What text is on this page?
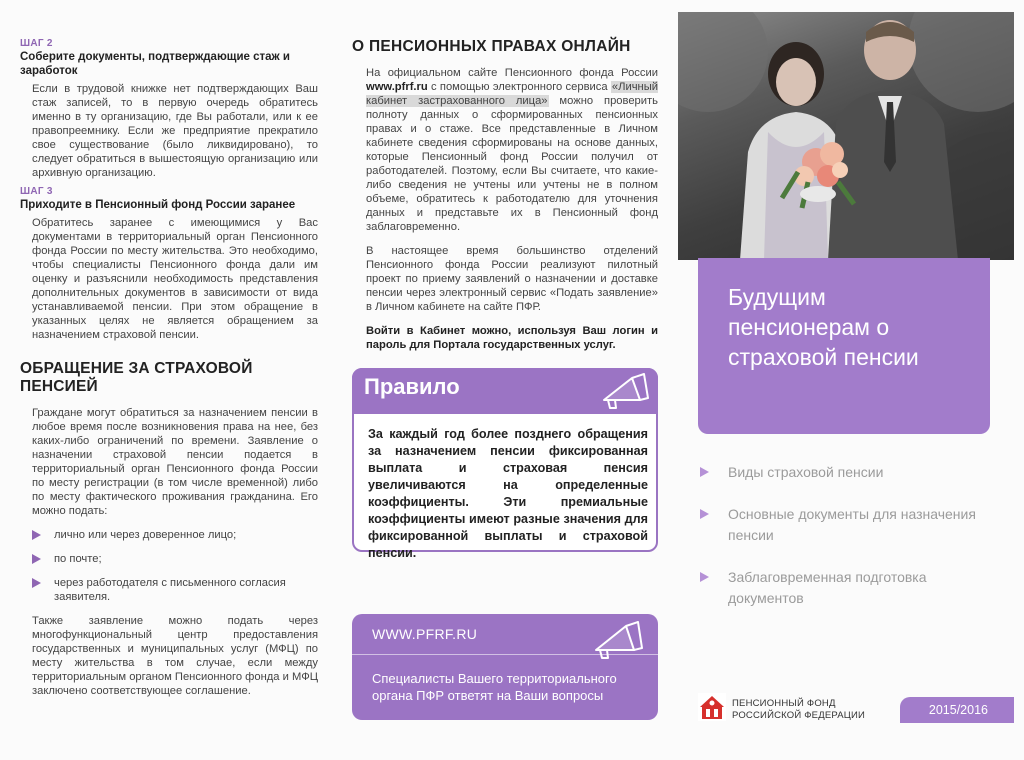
ШАГ 2
Соберите документы, подтверждающие стаж и заработок

Если в трудовой книжке нет подтверждающих Ваш стаж записей, то в первую очередь обратитесь именно в ту организацию, где Вы работали, или к ее правопреемнику. Если же предприятие прекратило свое существование (было ликвидировано), то следует обратиться в вышестоящую организацию или архивную организацию.

ШАГ 3
Приходите в Пенсионный фонд России заранее

Обратитесь заранее с имеющимися у Вас документами в территориальный орган Пенсионного фонда России по месту жительства. Это необходимо, чтобы специалисты Пенсионного фонда дали им оценку и разъяснили необходимость представления дополнительных документов в зависимости от вида устанавливаемой пенсии. При этом обращение в указанных целях не является обращением за назначением страховой пенсии.

ОБРАЩЕНИЕ ЗА СТРАХОВОЙ ПЕНСИЕЙ

Граждане могут обратиться за назначением пенсии в любое время после возникновения права на нее, без каких-либо ограничений по времени. Заявление о назначении страховой пенсии подается в территориальный орган Пенсионного фонда России по месту регистрации (в том числе временной) либо по месту фактического проживания гражданина. Его можно подать:

лично или через доверенное лицо;
по почте;
через работодателя с письменного согласия заявителя.

Также заявление можно подать через многофункциональный центр предоставления государственных и муниципальных услуг (МФЦ) по месту жительства в том случае, если между территориальным органом Пенсионного фонда и МФЦ заключено соответствующее соглашение.

О ПЕНСИОННЫХ ПРАВАХ ОНЛАЙН

На официальном сайте Пенсионного фонда России www.pfrf.ru с помощью электронного сервиса «Личный кабинет застрахованного лица» можно проверить полноту данных о сформированных пенсионных правах и о стаже. Все представленные в Личном кабинете сведения сформированы на основе данных, которые Пенсионный фонд России получил от работодателей. Поэтому, если Вы считаете, что какие-либо сведения не учтены или учтены не в полном объеме, обратитесь к работодателю для уточнения данных и представьте их в Пенсионный фонд заблаговременно.

В настоящее время большинство отделений Пенсионного фонда России реализуют пилотный проект по приему заявлений о назначении и доставке пенсии через электронный сервис «Подать заявление» в Личном кабинете на сайте ПФР.

Войти в Кабинет можно, используя Ваш логин и пароль для Портала государственных услуг.

Правило

За каждый год более позднего обращения за назначением пенсии фиксированная выплата и страховая пенсия увеличиваются на определенные коэффициенты. Эти премиальные коэффициенты имеют разные значения для фиксированной выплаты и страховой пенсии.

WWW.PFRF.RU
Специалисты Вашего территориального органа ПФР ответят на Ваши вопросы
Будущим пенсионерам о страховой пенсии
Виды страховой пенсии
Основные документы для назначения пенсии
Заблаговременная подготовка документов
ПЕНСИОННЫЙ ФОНД
РОССИЙСКОЙ ФЕДЕРАЦИИ	2015/2016
